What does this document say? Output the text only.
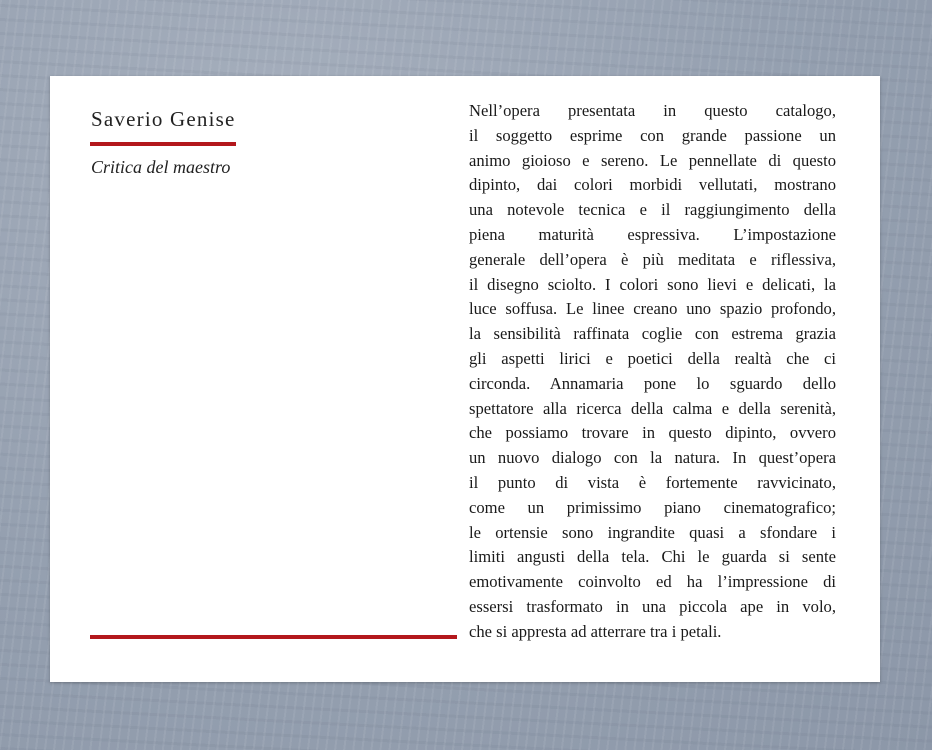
Saverio Genise

Critica del maestro

Nell’opera presentata in questo catalogo,
il soggetto esprime con grande passione un
animo gioioso e sereno. Le pennellate di questo
dipinto, dai colori morbidi vellutati, mostrano
una notevole tecnica e il raggiungimento della
piena maturità espressiva. L’impostazione
generale dell’opera è più meditata e riflessiva,
il disegno sciolto. I colori sono lievi e delicati, la
luce soffusa. Le linee creano uno spazio profondo,
la sensibilità raffinata coglie con estrema grazia
gli aspetti lirici e poetici della realtà che ci
circonda. Annamaria pone lo sguardo dello
spettatore alla ricerca della calma e della serenità,
che possiamo trovare in questo dipinto, ovvero
un nuovo dialogo con la natura. In quest’opera
il punto di vista è fortemente ravvicinato,
come un primissimo piano cinematografico;
le ortensie sono ingrandite quasi a sfondare i
limiti angusti della tela. Chi le guarda si sente
emotivamente coinvolto ed ha l’impressione di
essersi trasformato in una piccola ape in volo,
che si appresta ad atterrare tra i petali.
